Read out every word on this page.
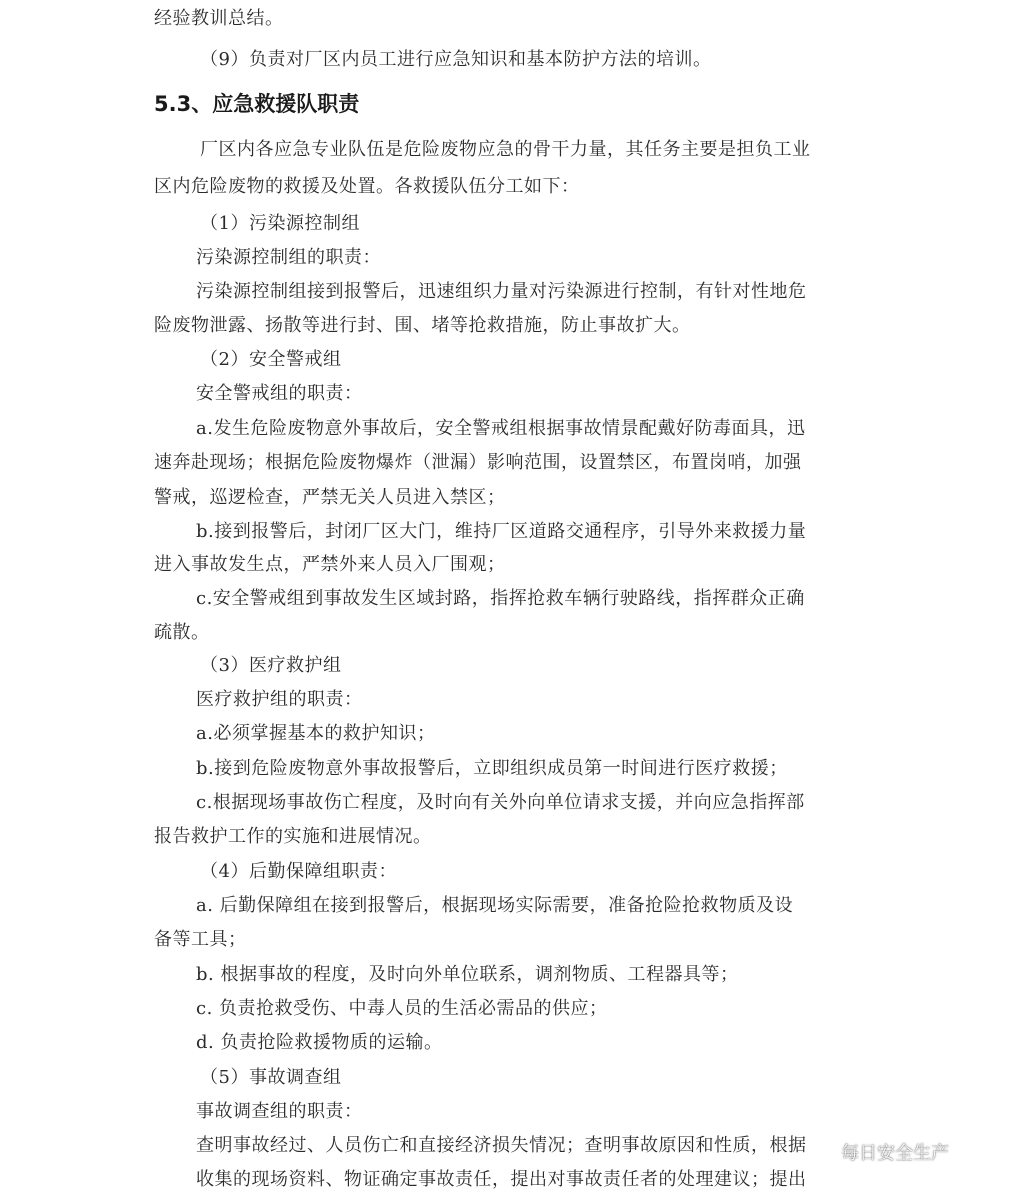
经验教训总结。
（9）负责对厂区内员工进行应急知识和基本防护方法的培训。
5.3、应急救援队职责
厂区内各应急专业队伍是危险废物应急的骨干力量，其任务主要是担负工业
区内危险废物的救援及处置。各救援队伍分工如下：
（1）污染源控制组
污染源控制组的职责：
污染源控制组接到报警后，迅速组织力量对污染源进行控制，有针对性地危
险废物泄露、扬散等进行封、围、堵等抢救措施，防止事故扩大。
（2）安全警戒组
安全警戒组的职责：
a.发生危险废物意外事故后，安全警戒组根据事故情景配戴好防毒面具，迅
速奔赴现场；根据危险废物爆炸（泄漏）影响范围，设置禁区，布置岗哨，加强
警戒，巡逻检查，严禁无关人员进入禁区；
b.接到报警后，封闭厂区大门，维持厂区道路交通程序，引导外来救援力量
进入事故发生点，严禁外来人员入厂围观；
c.安全警戒组到事故发生区域封路，指挥抢救车辆行驶路线，指挥群众正确
疏散。
（3）医疗救护组
医疗救护组的职责：
a.必须掌握基本的救护知识；
b.接到危险废物意外事故报警后，立即组织成员第一时间进行医疗救援；
c.根据现场事故伤亡程度，及时向有关外向单位请求支援，并向应急指挥部
报告救护工作的实施和进展情况。
（4）后勤保障组职责：
a. 后勤保障组在接到报警后，根据现场实际需要，准备抢险抢救物质及设
备等工具；
b. 根据事故的程度，及时向外单位联系，调剂物质、工程器具等；
c. 负责抢救受伤、中毒人员的生活必需品的供应；
d. 负责抢险救援物质的运输。
（5）事故调查组
事故调查组的职责：
查明事故经过、人员伤亡和直接经济损失情况；查明事故原因和性质，根据
收集的现场资料、物证确定事故责任，提出对事故责任者的处理建议；提出
每日安全生产
